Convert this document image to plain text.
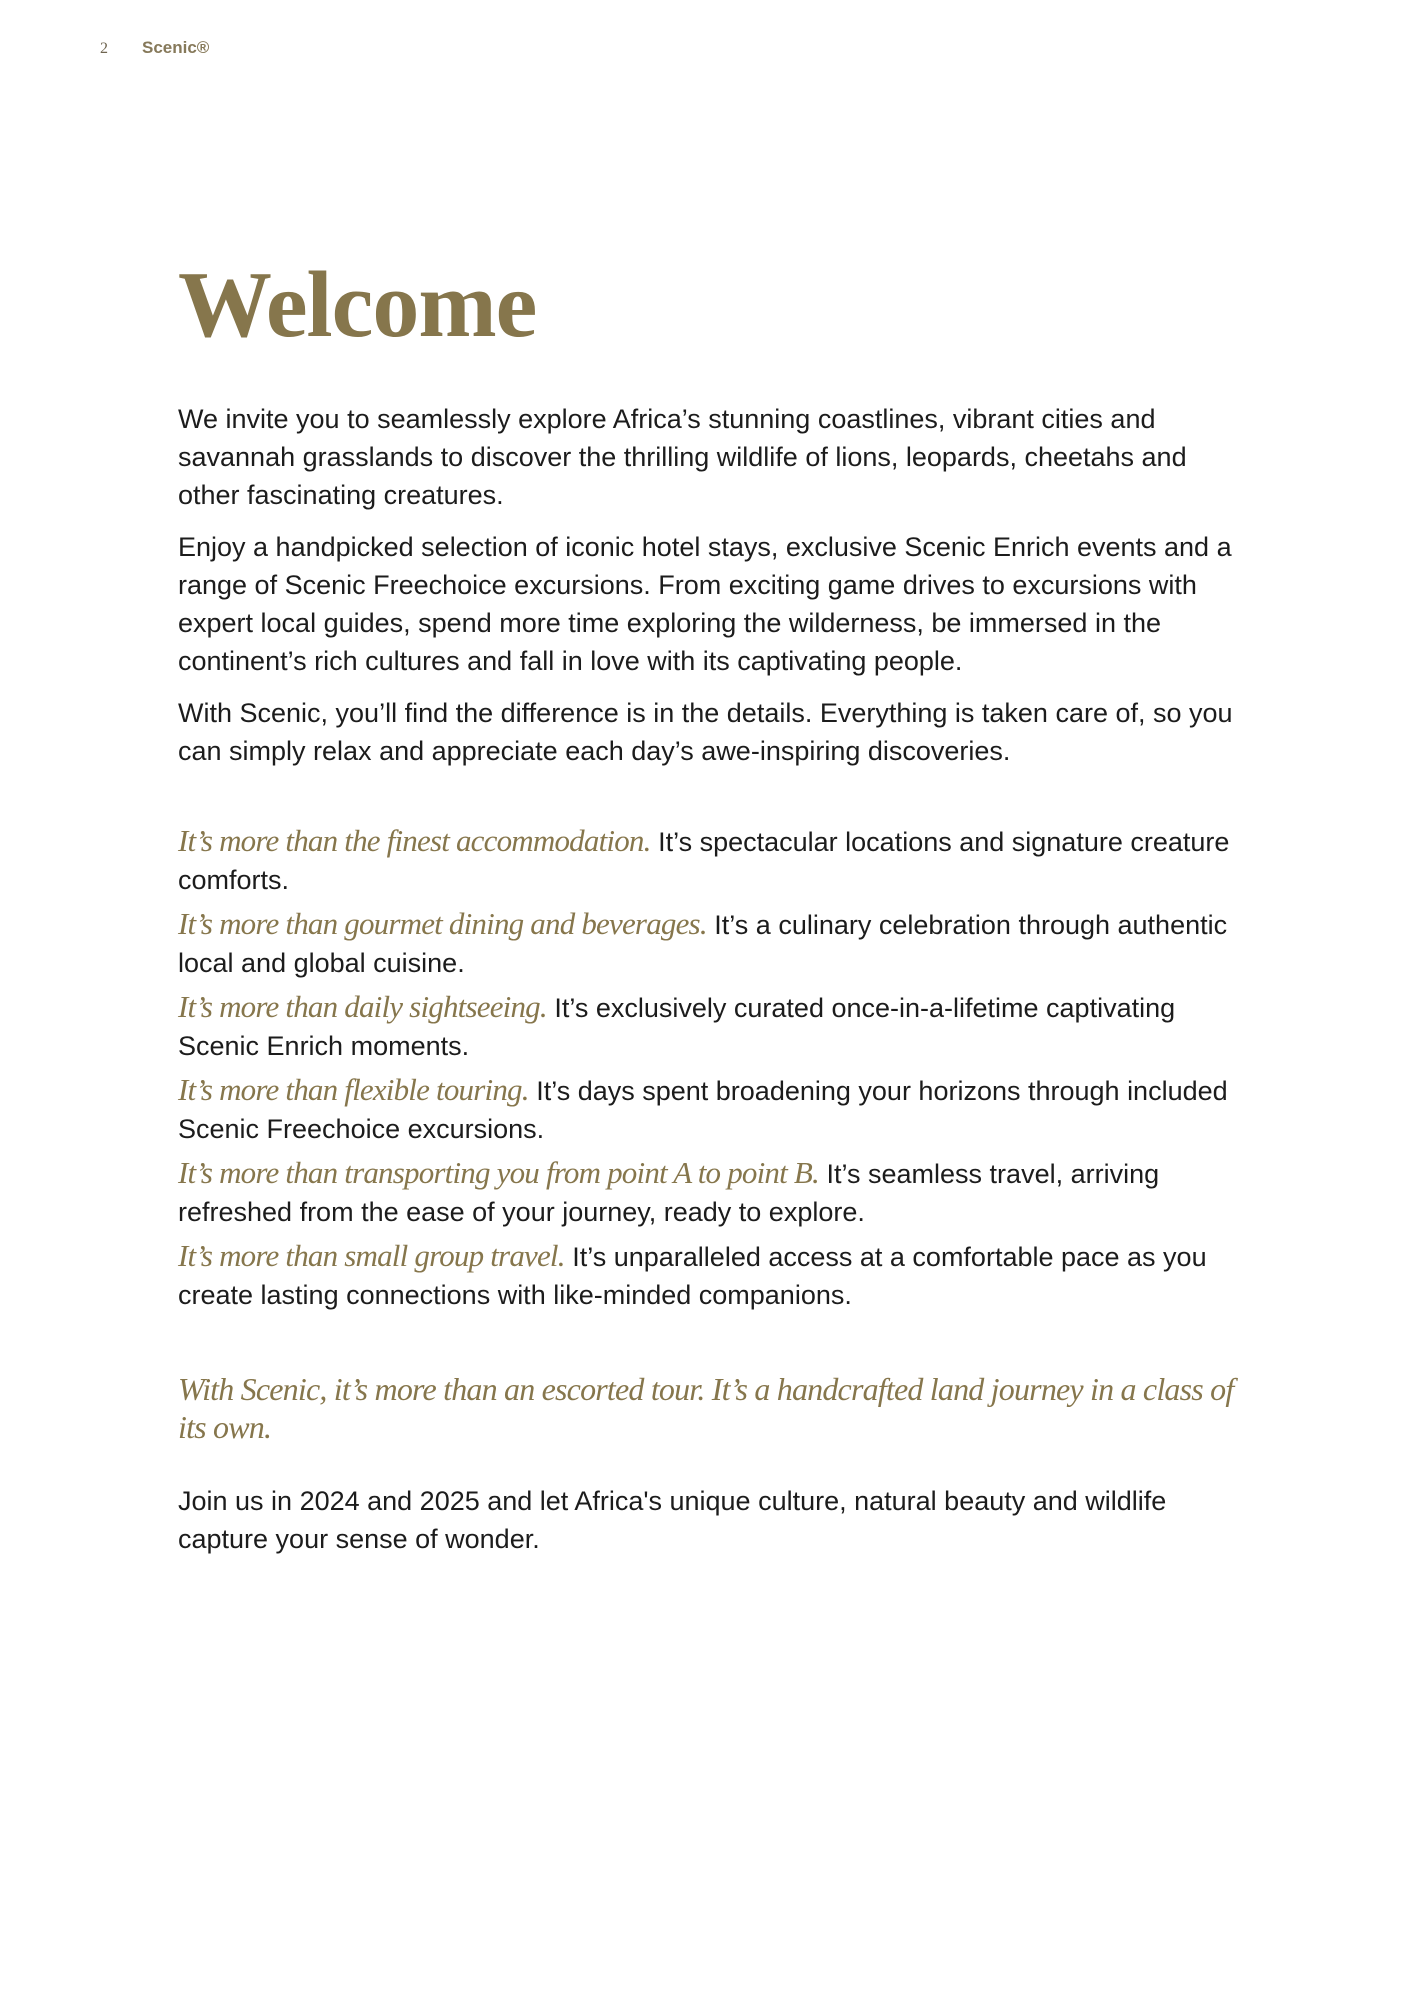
2	Scenic®
Welcome

We invite you to seamlessly explore Africa’s stunning coastlines, vibrant cities and savannah grasslands to discover the thrilling wildlife of lions, leopards, cheetahs and other fascinating creatures.

Enjoy a handpicked selection of iconic hotel stays, exclusive Scenic Enrich events and a range of Scenic Freechoice excursions. From exciting game drives to excursions with expert local guides, spend more time exploring the wilderness, be immersed in the continent’s rich cultures and fall in love with its captivating people.

With Scenic, you’ll find the difference is in the details. Everything is taken care of, so you can simply relax and appreciate each day’s awe-inspiring discoveries.

It’s more than the finest accommodation. It’s spectacular locations and signature creature comforts.

It’s more than gourmet dining and beverages. It’s a culinary celebration through authentic local and global cuisine.

It’s more than daily sightseeing. It’s exclusively curated once-in-a-lifetime captivating Scenic Enrich moments.

It’s more than flexible touring. It’s days spent broadening your horizons through included Scenic Freechoice excursions.

It’s more than transporting you from point A to point B. It’s seamless travel, arriving refreshed from the ease of your journey, ready to explore.

It’s more than small group travel. It’s unparalleled access at a comfortable pace as you create lasting connections with like-minded companions.

With Scenic, it’s more than an escorted tour. It’s a handcrafted land journey in a class of its own.

Join us in 2024 and 2025 and let Africa's unique culture, natural beauty and wildlife capture your sense of wonder.
